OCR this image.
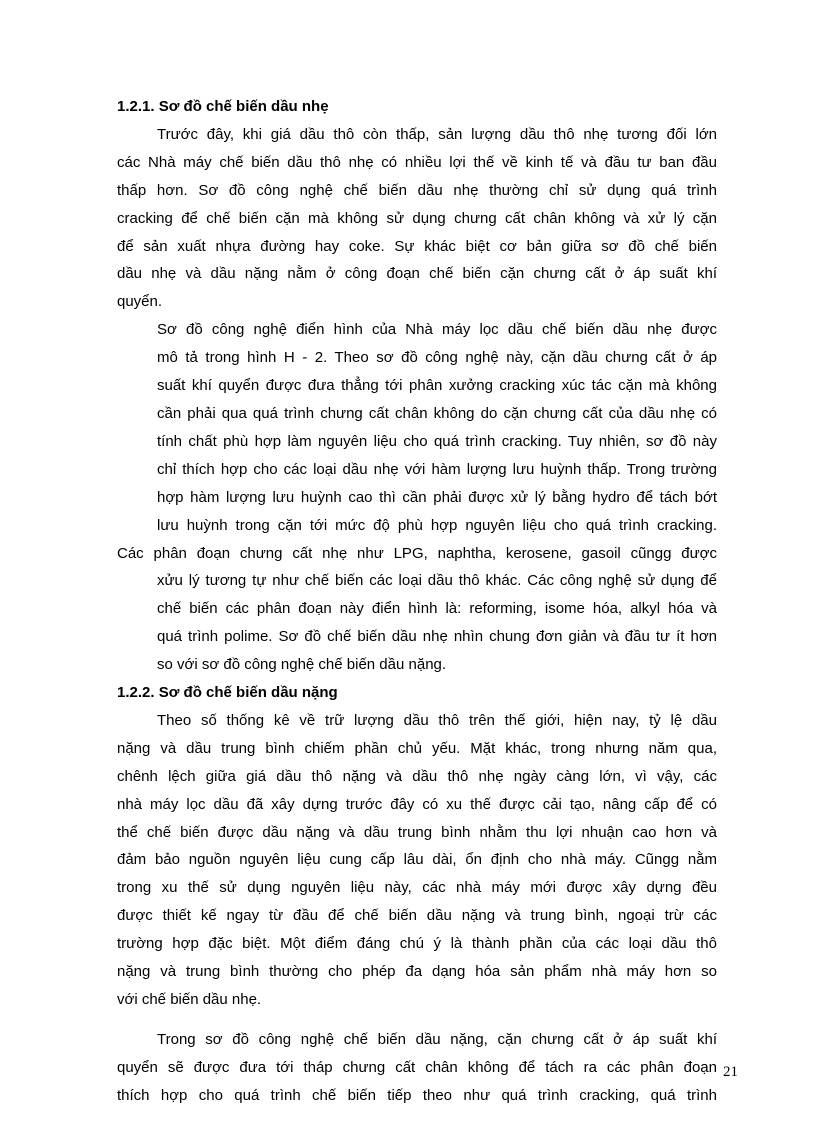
1.2.1. Sơ đồ chế biến dầu nhẹ

Trước đây, khi giá dầu thô còn thấp, sản lượng dầu thô nhẹ tương đối lớn

các Nhà máy chế biến dầu thô nhẹ có nhiều lợi thế về kinh tế và đầu tư ban đầu

thấp hơn. Sơ đồ công nghệ chế biến dầu nhẹ thường chỉ sử dụng quá trình

cracking để chế biến cặn mà không sử dụng chưng cất chân không và xử lý cặn

để sản xuất nhựa đường hay coke. Sự khác biệt cơ bản giữa sơ đồ chế biến

dầu nhẹ và dầu nặng nằm ở công đoạn chế biến cặn chưng cất ở áp suất khí

quyển.

Sơ đồ công nghệ điển hình của Nhà máy lọc dầu chế biến dầu nhẹ được

mô tả trong hình H - 2. Theo sơ đồ công nghệ này, cặn dầu chưng cất ở áp

suất khí quyển được đưa thẳng tới phân xưởng cracking xúc tác cặn mà không

cần phải qua quá trình chưng cất chân không do cặn chưng cất của dầu nhẹ có

tính chất phù hợp làm nguyên liệu cho quá trình cracking. Tuy nhiên, sơ đồ này

chỉ thích hợp cho các loại dầu nhẹ với hàm lượng lưu huỳnh thấp. Trong trường

hợp hàm lượng lưu huỳnh cao thì cần phải được xử lý bằng hydro để tách bớt

lưu huỳnh trong cặn tới mức độ phù hợp nguyên liệu cho quá trình cracking.

Các phân đoạn chưng cất nhẹ như LPG, naphtha, kerosene, gasoil cũngg được

xửu lý tương tự như chế biến các loại dầu thô khác. Các công nghệ sử dụng để

chế biến các phân đoạn này điển hình là: reforming, isome hóa, alkyl hóa và

quá trình polime. Sơ đồ chế biến dầu nhẹ nhìn chung đơn giản và đầu tư ít hơn

so với sơ đồ công nghệ chế biến dầu nặng.

1.2.2. Sơ đồ chế biến dầu nặng

Theo số thống kê về trữ lượng dầu thô trên thế giới, hiện nay, tỷ lệ dầu

nặng và dầu trung bình chiếm phần chủ yếu. Mặt khác, trong nhưng năm qua,

chênh lệch giữa giá dầu thô nặng và dầu thô nhẹ ngày càng lớn, vì vậy, các

nhà máy lọc dầu đã xây dựng trước đây có xu thế được cải tạo, nâng cấp để có

thể chế biến được dầu nặng và dầu trung bình nhằm thu lợi nhuận cao hơn và

đảm bảo nguồn nguyên liệu cung cấp lâu dài, ổn định cho nhà máy. Cũngg nằm

trong xu thế sử dụng nguyên liệu này, các nhà máy mới được xây dựng đều

được thiết kế ngay từ đầu để chế biến dầu nặng và trung bình, ngoại trừ các

trường hợp đặc biệt. Một điểm đáng chú ý là thành phần của các loại dầu thô

nặng và trung bình thường cho phép đa dạng hóa sản phẩm nhà máy hơn so

với chế biến dầu nhẹ.

Trong sơ đồ công nghệ chế biến dầu nặng, cặn chưng cất ở áp suất khí

quyển sẽ được đưa tới tháp chưng cất chân không để tách ra các phân đoạn

thích hợp cho quá trình chế biến tiếp theo như quá trình cracking, quá trình

21
